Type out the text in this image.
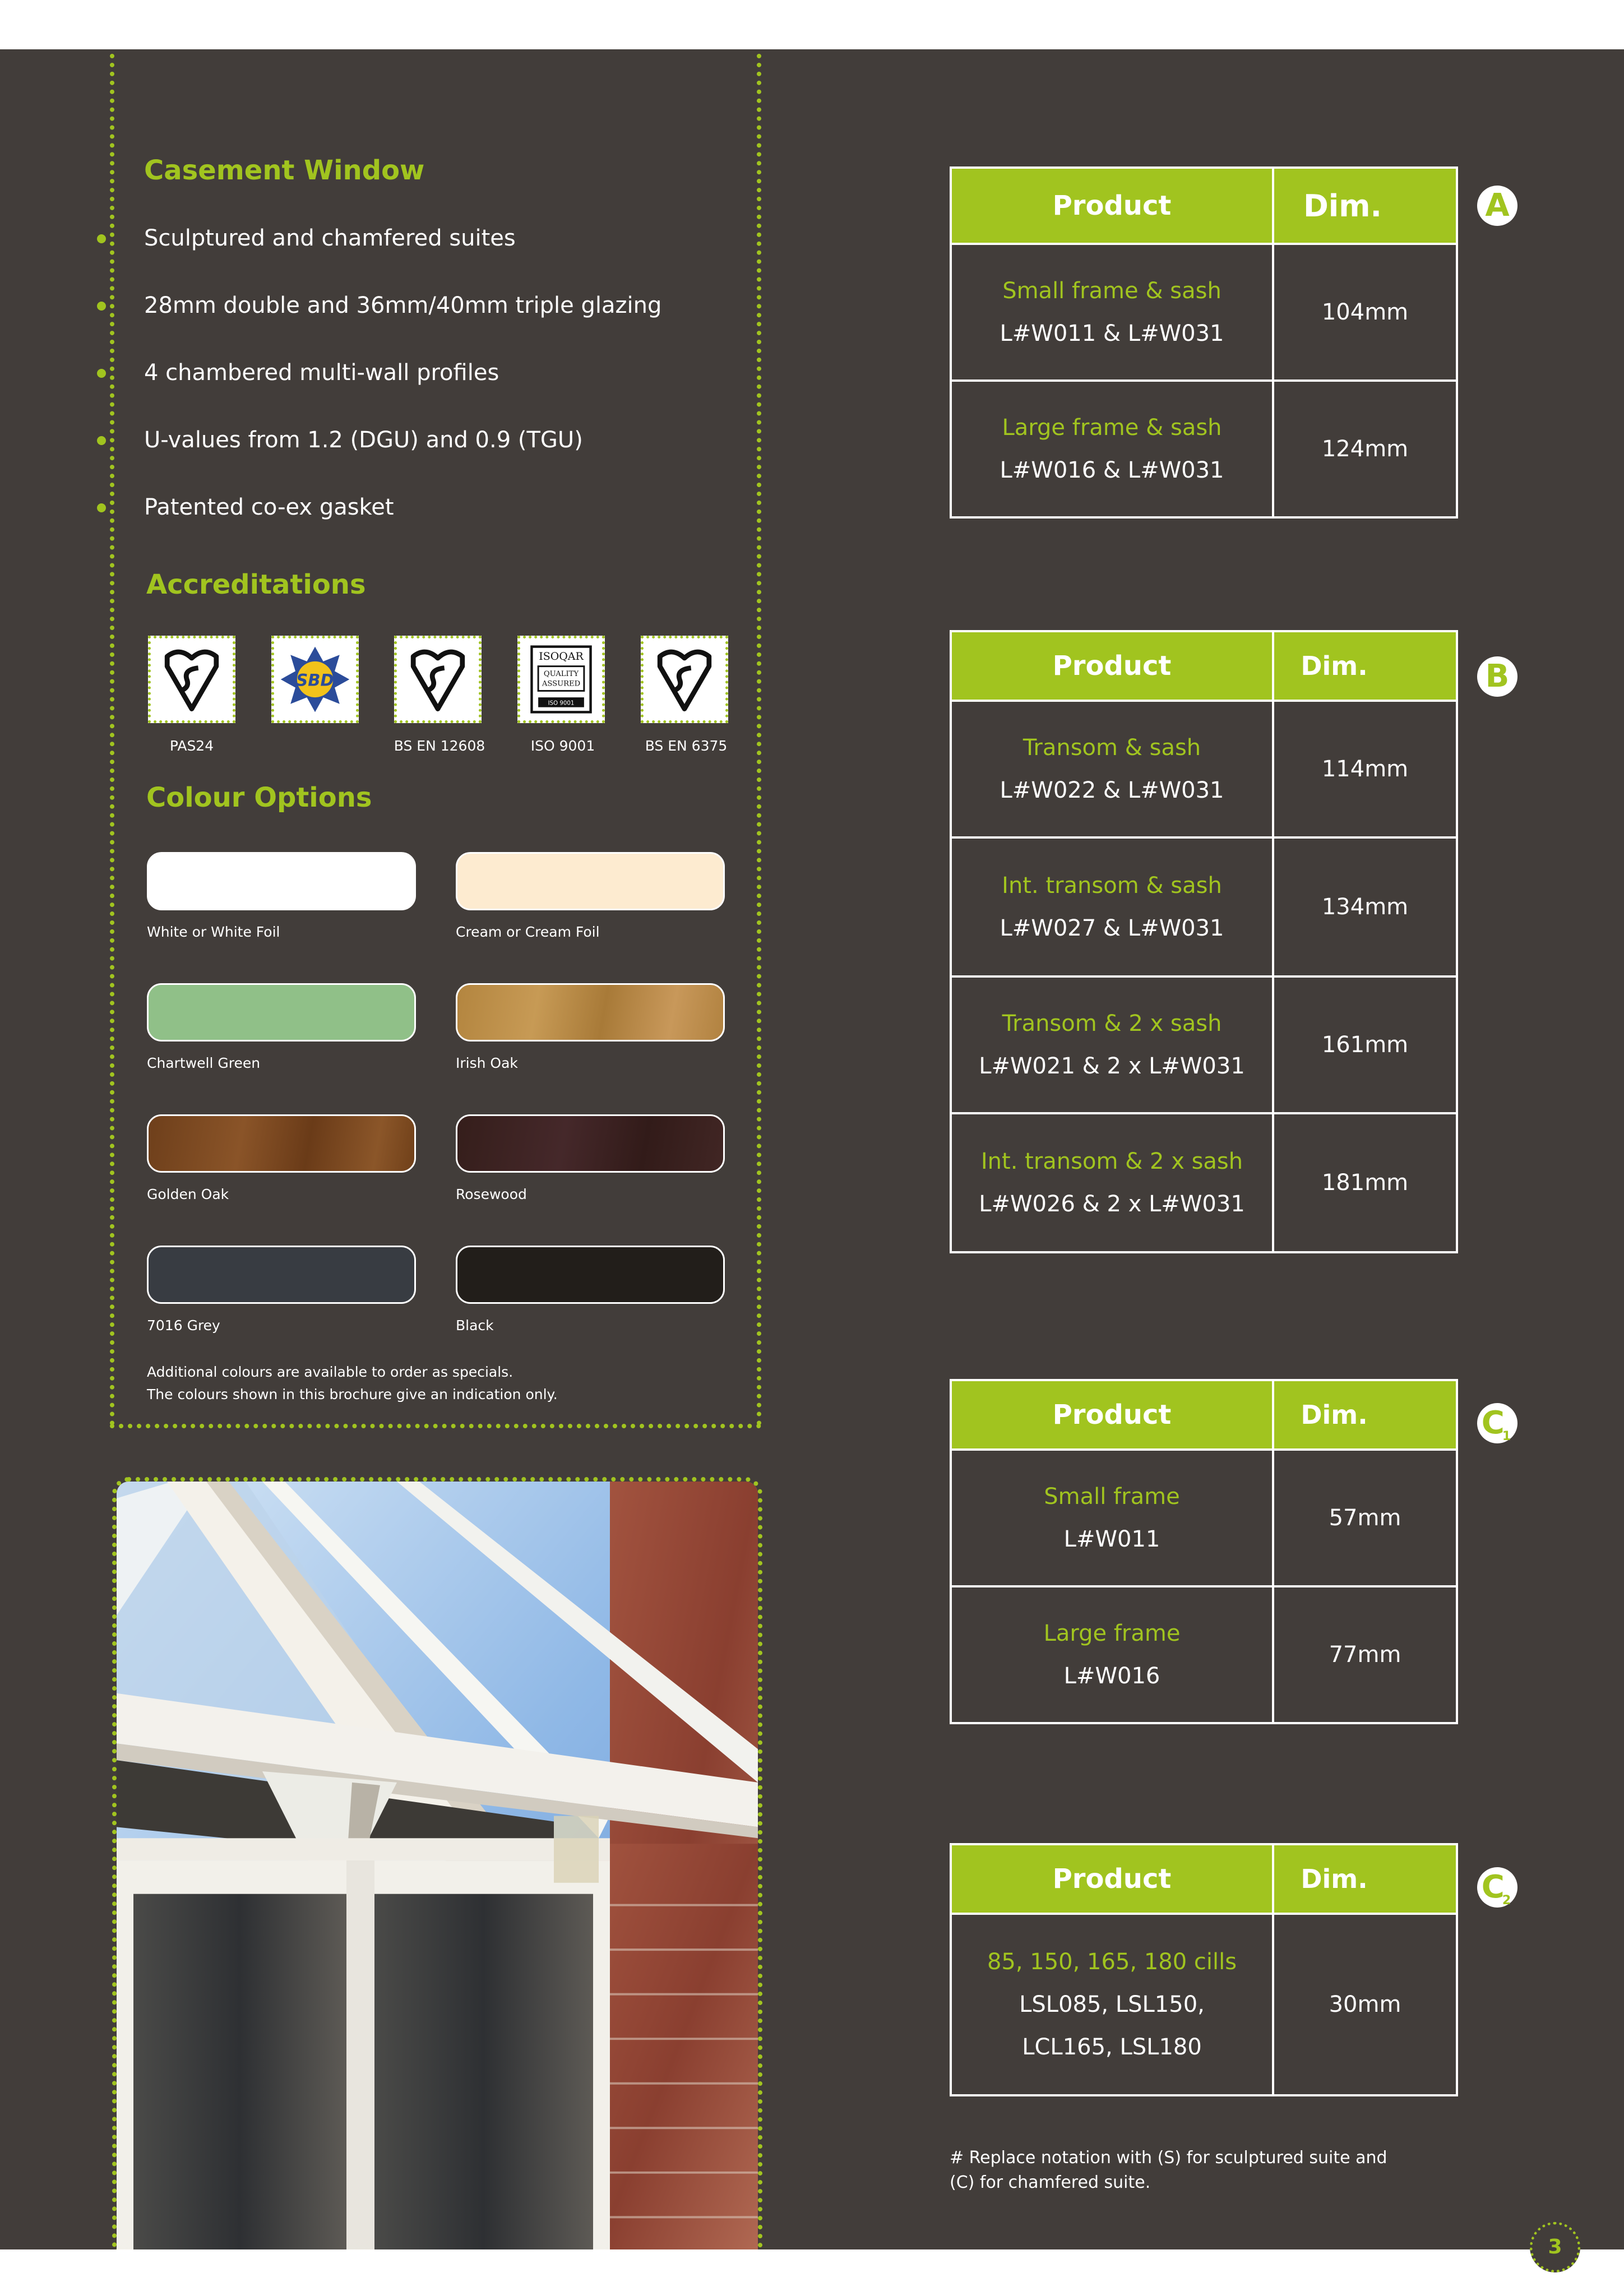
Casement Window
Sculptured and chamfered suites
28mm double and 36mm/40mm triple glazing
4 chambered multi-wall profiles
U-values from 1.2 (DGU) and 0.9 (TGU)
Patented co-ex gasket
Accreditations
SBD
ISOQAR
QUALITY
ASSURED
ISO 9001
PAS24	BS EN 12608	ISO 9001	BS EN 6375
Colour Options
White or White Foil	Cream or Cream Foil
Chartwell Green	Irish Oak
Golden Oak	Rosewood
7016 Grey	Black
Additional colours are available to order as specials.
The colours shown in this brochure give an indication only.
Product	Dim. A

Small frame & sash
L#W011 & L#W031	104mm

Large frame & sash
L#W016 & L#W031	124mm
Product	Dim. B

Transom & sash
L#W022 & L#W031	114mm

Int. transom & sash
L#W027 & L#W031	134mm

Transom & 2 x sash
L#W021 & 2 x L#W031	161mm

Int. transom & 2 x sash
L#W026 & 2 x L#W031	181mm
Product	Dim. $C_1$

Small frame
L#W011	57mm

Large frame
L#W016	77mm
Product	Dim. $C_2$

85, 150, 165, 180 cills
LSL085, LSL150,
LCL165, LSL180	30mm
# Replace notation with (S) for sculptured suite and
(C) for chamfered suite.
3
